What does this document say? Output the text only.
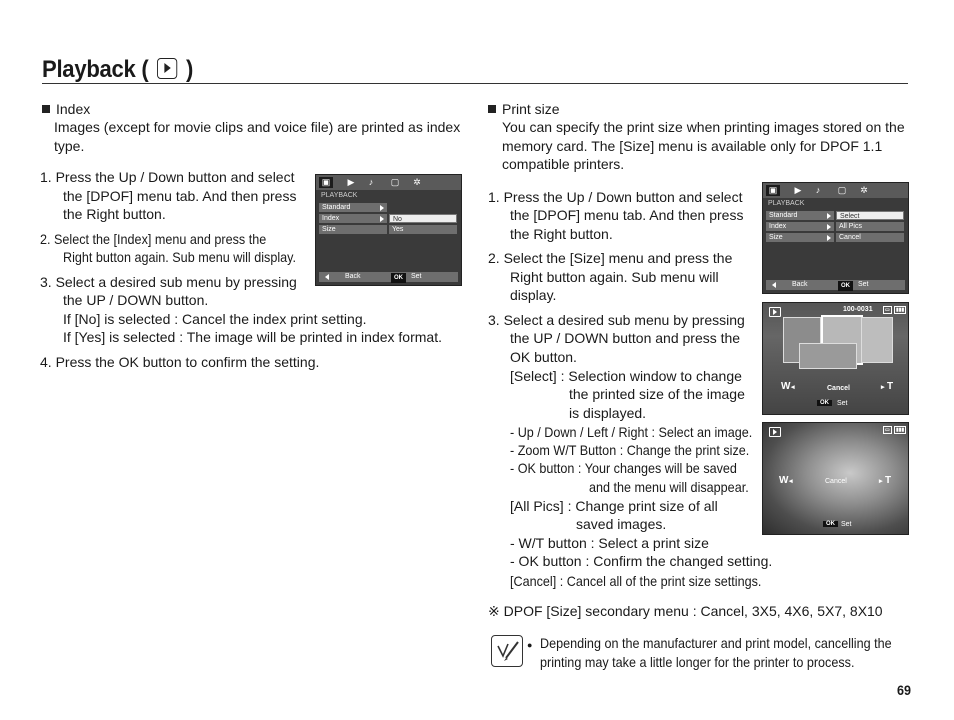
Playback ( )
Index
Images (except for movie clips and voice file) are printed as index
type.
1. Press the Up / Down button and select
the [DPOF] menu tab. And then press
the Right button.
2. Select the [Index] menu and press the
Right button again. Sub menu will display.
3. Select a desired sub menu by pressing
the UP / DOWN button.
If [No] is selected : Cancel the index print setting.
If [Yes] is selected : The image will be printed in index format.
4. Press the OK button to confirm the setting.
▣	▶	♪	▢	✲
PLAYBACK
Standard
Index	No
Size	Yes
Back	OK	Set
Print size
You can specify the print size when printing images stored on the
memory card. The [Size] menu is available only for DPOF 1.1
compatible printers.
1. Press the Up / Down button and select
the [DPOF] menu tab. And then press
the Right button.
2. Select the [Size] menu and press the
Right button again. Sub menu will
display.
3. Select a desired sub menu by pressing
the UP / DOWN button and press the
OK button.
[Select] : Selection window to change
the printed size of the image
is displayed.
- Up / Down / Left / Right : Select an image.
- Zoom W/T Button : Change the print size.
- OK button : Your changes will be saved
and the menu will disappear.
[All Pics] : Change print size of all
saved images.
- W/T button : Select a print size
- OK button : Confirm the changed setting.
[Cancel] : Cancel all of the print size settings.
※ DPOF [Size] secondary menu : Cancel, 3X5, 4X6, 5X7, 8X10
▣	▶	♪	▢	✲
PLAYBACK
Standard	Select
Index	All Pics
Size	Cancel
Back	OK	Set
100-0031	▭	▮▮▮
W ◂	Cancel	▸ T
OK	Set
▭	▮▮▮
W ◂	Cancel	▸ T
OK Set
● Depending on the manufacturer and print model, cancelling the
printing may take a little longer for the printer to process.
69
